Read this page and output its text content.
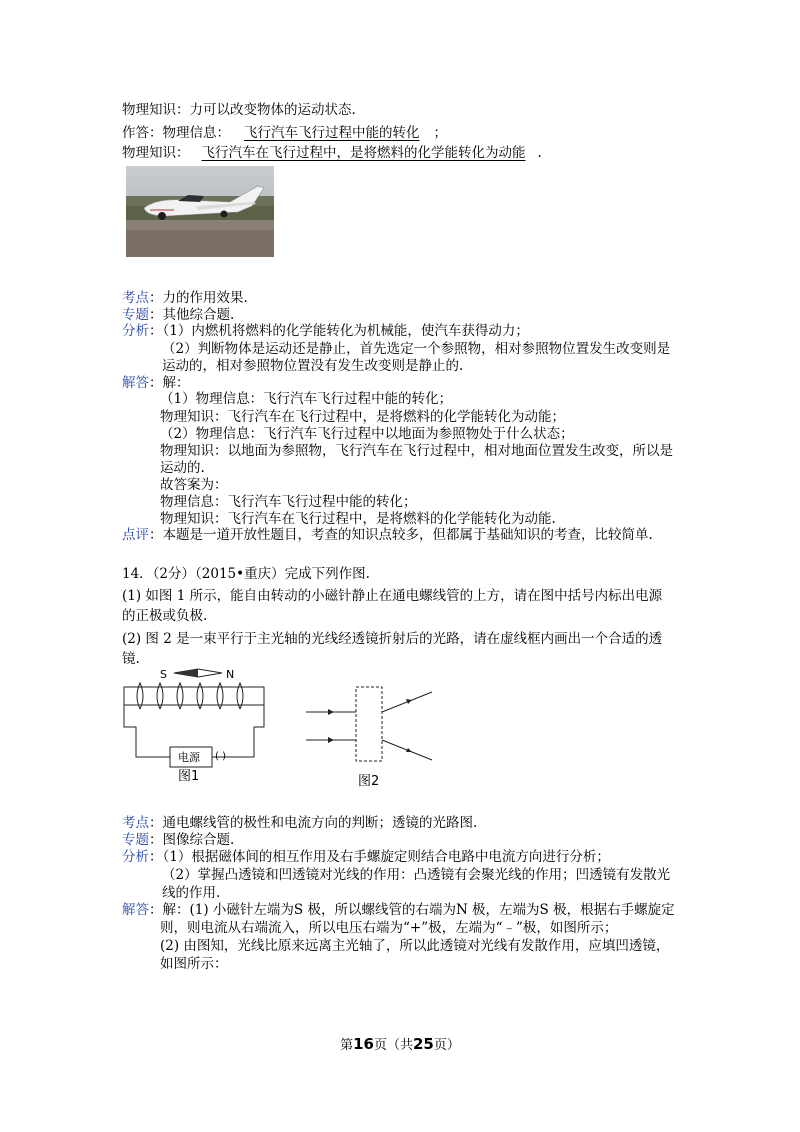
物理知识：力可以改变物体的运动状态.
作答：物理信息： 飞行汽车飞行过程中能的转化 ；
物理知识： 飞行汽车在飞行过程中，是将燃料的化学能转化为动能 .
考点：力的作用效果.
专题：其他综合题.
分析：（1）内燃机将燃料的化学能转化为机械能，使汽车获得动力；
（2）判断物体是运动还是静止，首先选定一个参照物，相对参照物位置发生改变则是
运动的，相对参照物位置没有发生改变则是静止的.
解答：解：
（1）物理信息：飞行汽车飞行过程中能的转化；
物理知识：飞行汽车在飞行过程中，是将燃料的化学能转化为动能；
（2）物理信息：飞行汽车飞行过程中以地面为参照物处于什么状态；
物理知识：以地面为参照物，飞行汽车在飞行过程中，相对地面位置发生改变，所以是
运动的.
故答案为：
物理信息：飞行汽车飞行过程中能的转化；
物理知识：飞行汽车在飞行过程中，是将燃料的化学能转化为动能.
点评：本题是一道开放性题目，考查的知识点较多，但都属于基础知识的考查，比较简单.
14．（2分）（2015•重庆）完成下列作图.
(1) 如图 1 所示，能自由转动的小磁针静止在通电螺线管的上方，请在图中括号内标出电源
的正极或负极.
(2) 图 2 是一束平行于主光轴的光线经透镜折射后的光路，请在虚线框内画出一个合适的透
镜.
S	N
电源 ( )
图1	图2
考点：通电螺线管的极性和电流方向的判断；透镜的光路图.
专题：图像综合题.
分析：（1）根据磁体间的相互作用及右手螺旋定则结合电路中电流方向进行分析；
（2）掌握凸透镜和凹透镜对光线的作用：凸透镜有会聚光线的作用；凹透镜有发散光
线的作用.
解答：解：(1) 小磁针左端为S 极，所以螺线管的右端为N 极，左端为S 极，根据右手螺旋定
则，则电流从右端流入，所以电压右端为“+”极，左端为“﹣”极，如图所示；
(2) 由图知，光线比原来远离主光轴了，所以此透镜对光线有发散作用，应填凹透镜，
如图所示：
第16页（共25页）
